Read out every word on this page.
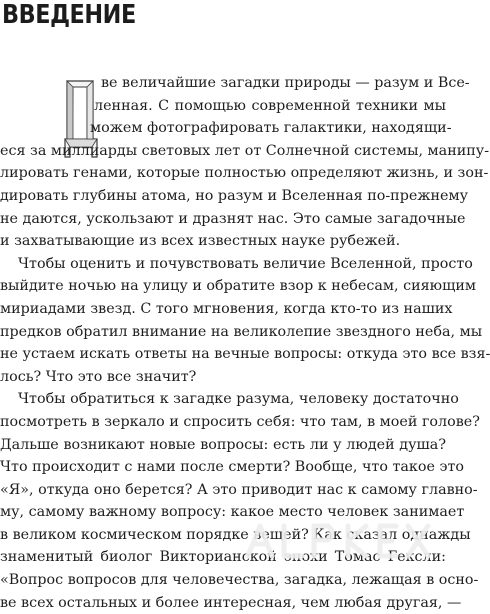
ВВЕДЕНИЕ
ве величайшие загадки природы — разум и Все-
ленная. С помощью современной техники мы
можем фотографировать галактики, находящи-
еся за миллиарды световых лет от Солнечной системы, манипу-
лировать генами, которые полностью определяют жизнь, и зон-
дировать глубины атома, но разум и Вселенная по-прежнему
не даются, ускользают и дразнят нас. Это самые загадочные
и захватывающие из всех известных науке рубежей.
Чтобы оценить и почувствовать величие Вселенной, просто
выйдите ночью на улицу и обратите взор к небесам, сияющим
мириадами звезд. С того мгновения, когда кто-то из наших
предков обратил внимание на великолепие звездного неба, мы
не устаем искать ответы на вечные вопросы: откуда это все взя-
лось? Что это все значит?
Чтобы обратиться к загадке разума, человеку достаточно
посмотреть в зеркало и спросить себя: что там, в моей голове?
Дальше возникают новые вопросы: есть ли у людей душа?
Что происходит с нами после смерти? Вообще, что такое это
«Я», откуда оно берется? А это приводит нас к самому главно-
му, самому важному вопросу: какое место человек занимает
в великом космическом порядке вещей? Как сказал однажды
знаменитый биолог Викторианской эпохи Томас Гексли:
«Вопрос вопросов для человечества, загадка, лежащая в осно-
ве всех остальных и более интересная, чем любая другая, —
